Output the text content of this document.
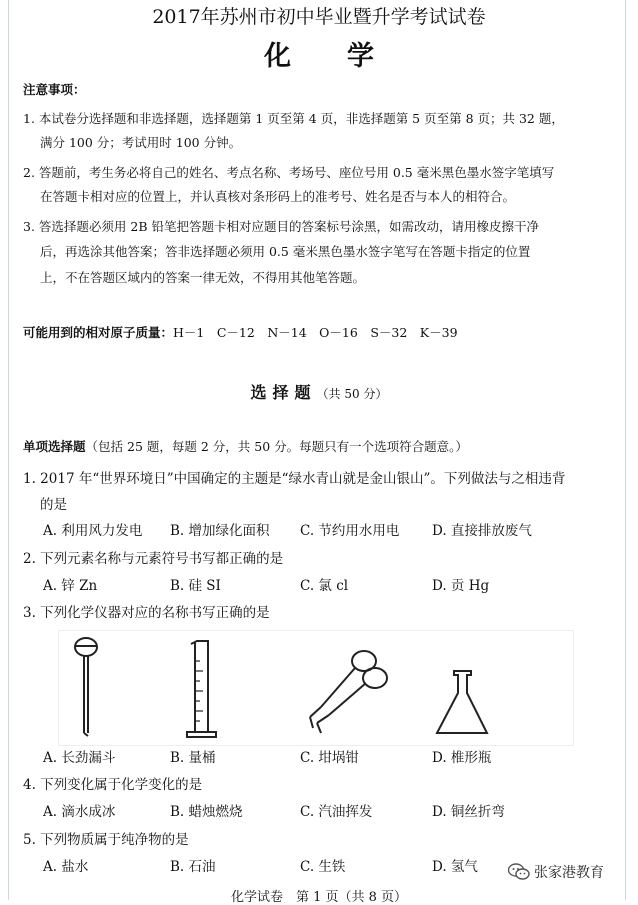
2017年苏州市初中毕业暨升学考试试卷
化学
注意事项：
1. 本试卷分选择题和非选择题，选择题第 1 页至第 4 页，非选择题第 5 页至第 8 页；共 32 题，
满分 100 分；考试用时 100 分钟。
2. 答题前，考生务必将自己的姓名、考点名称、考场号、座位号用 0.5 毫米黑色墨水签字笔填写
在答题卡相对应的位置上，并认真核对条形码上的准考号、姓名是否与本人的相符合。
3. 答选择题必须用 2B 铅笔把答题卡相对应题目的答案标号涂黑，如需改动，请用橡皮擦干净
后，再选涂其他答案；答非选择题必须用 0.5 毫米黑色墨水签字笔写在答题卡指定的位置
上，不在答题区域内的答案一律无效，不得用其他笔答题。
可能用到的相对原子质量：H－1　C－12　N－14　O－16　S－32　K－39
选择题（共 50 分）
单项选择题（包括 25 题，每题 2 分，共 50 分。每题只有一个选项符合题意。）
1. 2017 年“世界环境日”中国确定的主题是“绿水青山就是金山银山”。下列做法与之相违背
的是
A. 利用风力发电 B. 增加绿化面积 C. 节约用水用电 D. 直接排放废气
2. 下列元素名称与元素符号书写都正确的是
A. 锌 Zn	B. 硅 SI	C. 氯 cl	D. 贡 Hg
3. 下列化学仪器对应的名称书写正确的是
A. 长劲漏斗	B. 量桶	C. 坩埚钳	D. 椎形瓶
4. 下列变化属于化学变化的是
A. 滴水成冰	B. 蜡烛燃烧	C. 汽油挥发	D. 铜丝折弯
5. 下列物质属于纯净物的是
A. 盐水	B. 石油	C. 生铁	D. 氢气	张家港教育
化学试卷　第 1 页（共 8 页）
